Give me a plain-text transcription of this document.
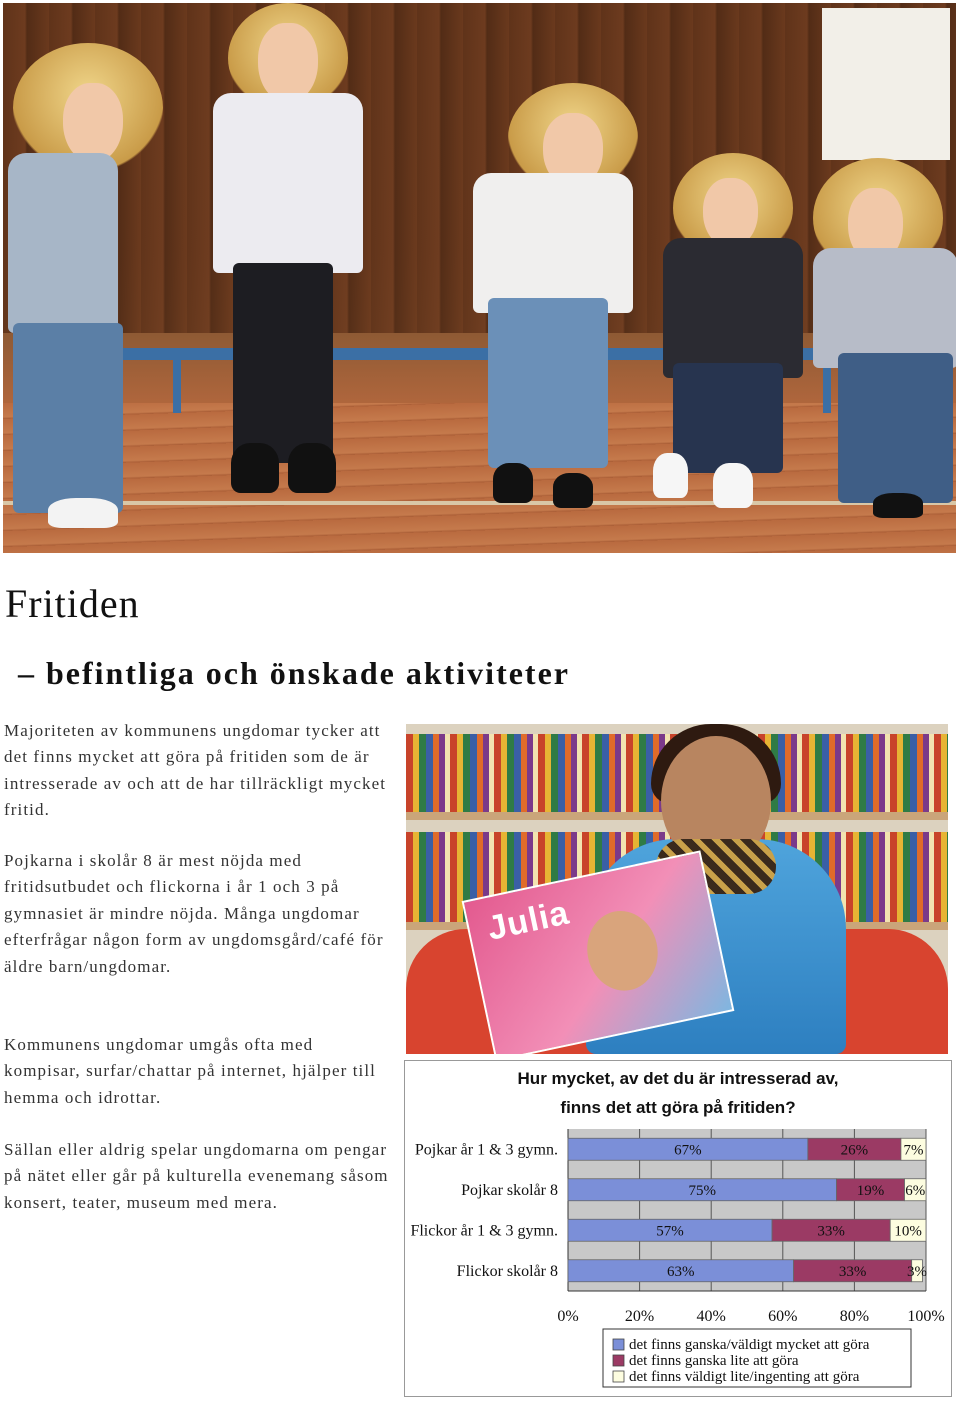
Fritiden
– befintliga och önskade aktiviteter

Majoriteten av kommunens ungdomar tycker att det finns mycket att göra på fritiden som de är intresserade av och att de har tillräckligt mycket fritid.

Pojkarna i skolår 8 är mest nöjda med fritidsutbudet och flickorna i år 1 och 3 på gymnasiet är mindre nöjda. Många ungdomar efterfrågar någon form av ungdomsgård/café för äldre barn/ungdomar.

Kommunens ungdomar umgås ofta med kompisar, surfar/chattar på internet, hjälper till hemma och idrottar.

Sällan eller aldrig spelar ungdomarna om pengar på nätet eller går på kulturella evenemang såsom konsert, teater, museum med mera.

Julia
Hur mycket, av det du är intresserad av,
finns det att göra på fritiden?
0%	20%	40%	60%	80% 100%
Pojkar år 1 & 3 gymn.	67%	26% 7%
Pojkar skolår 8	75%	19% 6%
Flickor år 1 & 3 gymn.	57%	33%	10%
Flickor skolår 8	63%	33%	3%
det finns ganska/väldigt mycket att göra
det finns ganska lite att göra
det finns väldigt lite/ingenting att göra
